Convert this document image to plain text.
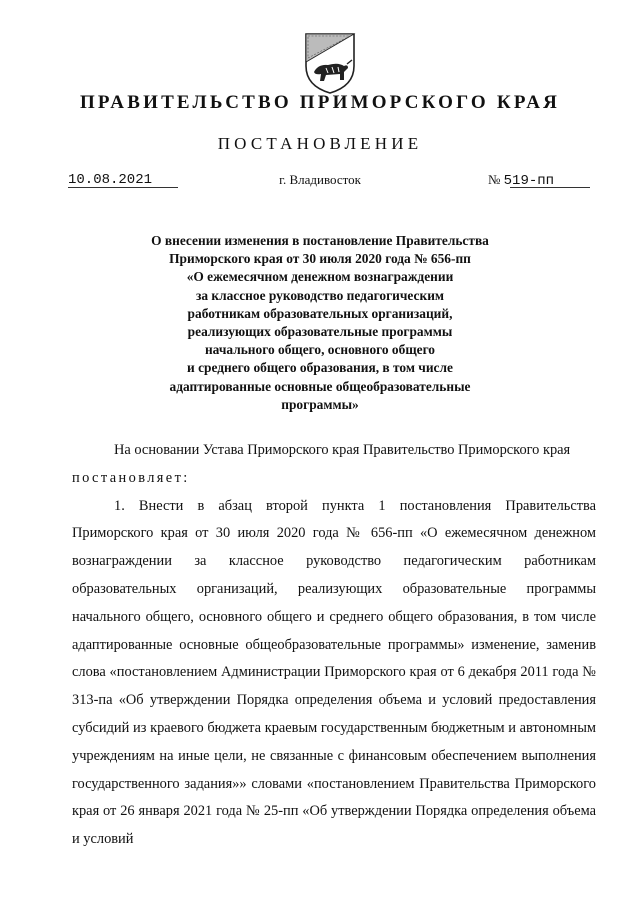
ПРАВИТЕЛЬСТВО ПРИМОРСКОГО КРАЯ
ПОСТАНОВЛЕНИЕ
10.08.2021	г. Владивосток	№ 519-пп
О внесении изменения в постановление Правительства
Приморского края от 30 июля 2020 года № 656-пп
«О ежемесячном денежном вознаграждении
за классное руководство педагогическим
работникам образовательных организаций,
реализующих образовательные программы
начального общего, основного общего
и среднего общего образования, в том числе
адаптированные основные общеобразовательные
программы»

На основании Устава Приморского края Правительство Приморского края

постановляет:

1. Внести в абзац второй пункта 1 постановления Правительства Приморского края от 30 июля 2020 года № 656-пп «О ежемесячном денежном вознаграждении за классное руководство педагогическим работникам образовательных организаций, реализующих образовательные программы начального общего, основного общего и среднего общего образования, в том числе адаптированные основные общеобразовательные программы» изменение, заменив слова «постановлением Администрации Приморского края от 6 декабря 2011 года № 313-па «Об утверждении Порядка определения объема и условий предоставления субсидий из краевого бюджета краевым государственным бюджетным и автономным учреждениям на иные цели, не связанные с финансовым обеспечением выполнения государственного задания»» словами «постановлением Правительства Приморского края от 26 января 2021 года № 25-пп «Об утверждении Порядка определения объема и условий
